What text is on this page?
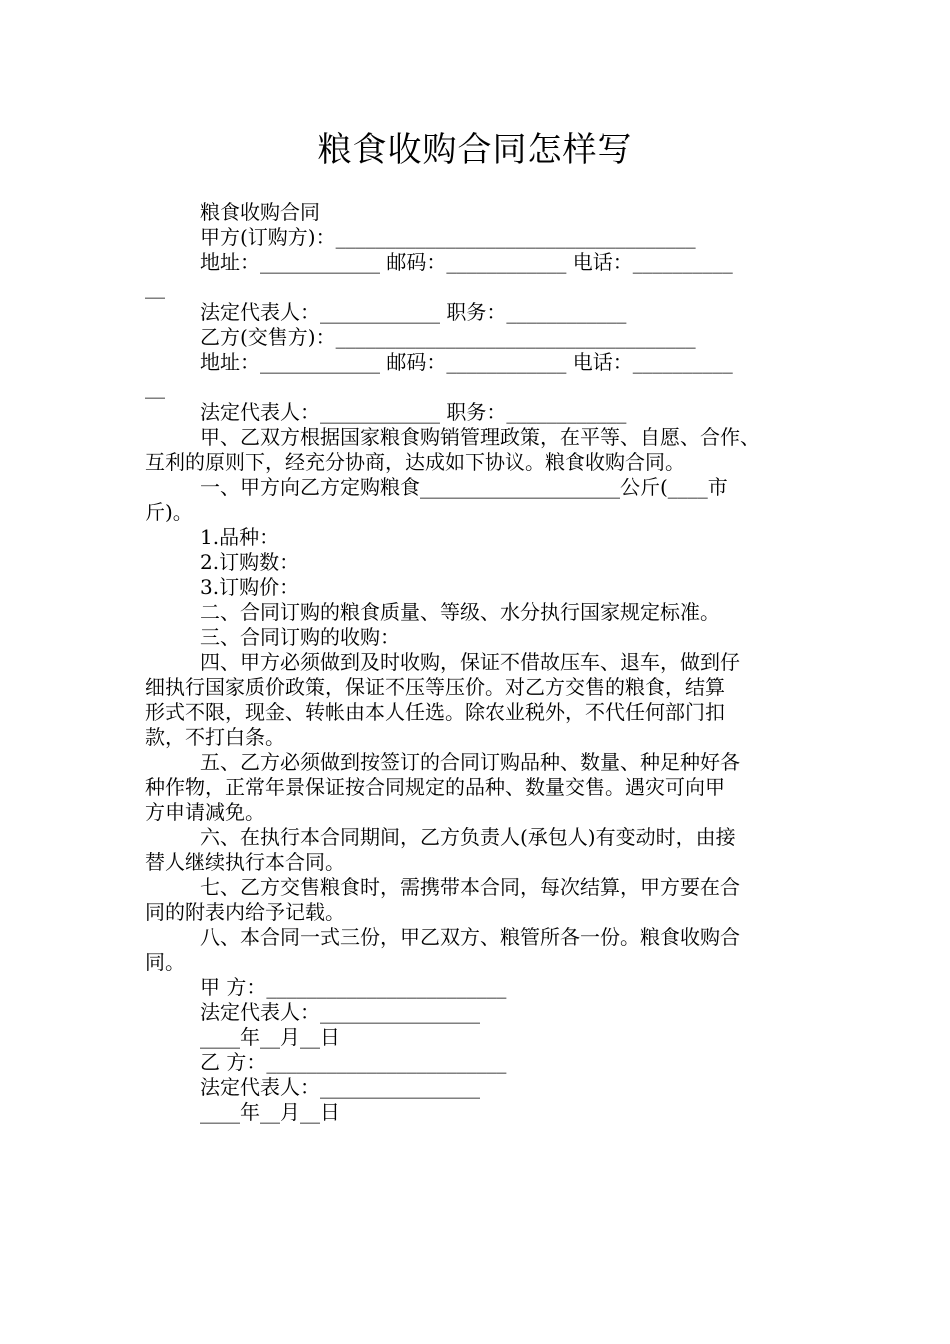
粮食收购合同怎样写
粮食收购合同
甲方(订购方)：____________________________________
地址：____________ 邮码：____________ 电话：__________
__
法定代表人：____________ 职务：____________
乙方(交售方)：____________________________________
地址：____________ 邮码：____________ 电话：__________
__
法定代表人：____________ 职务：____________
甲、乙双方根据国家粮食购销管理政策，在平等、自愿、合作、
互利的原则下，经充分协商，达成如下协议。粮食收购合同。
一、甲方向乙方定购粮食____________________公斤(____市
斤)。
1.品种：
2.订购数：
3.订购价：
二、合同订购的粮食质量、等级、水分执行国家规定标准。
三、合同订购的收购：
四、甲方必须做到及时收购，保证不借故压车、退车，做到仔
细执行国家质价政策，保证不压等压价。对乙方交售的粮食，结算
形式不限，现金、转帐由本人任选。除农业税外，不代任何部门扣
款，不打白条。
五、乙方必须做到按签订的合同订购品种、数量、种足种好各
种作物，正常年景保证按合同规定的品种、数量交售。遇灾可向甲
方申请减免。
六、在执行本合同期间，乙方负责人(承包人)有变动时，由接
替人继续执行本合同。
七、乙方交售粮食时，需携带本合同，每次结算，甲方要在合
同的附表内给予记载。
八、本合同一式三份，甲乙双方、粮管所各一份。粮食收购合
同。
甲 方：________________________
法定代表人：________________
____年__月__日
乙 方：________________________
法定代表人：________________
____年__月__日
